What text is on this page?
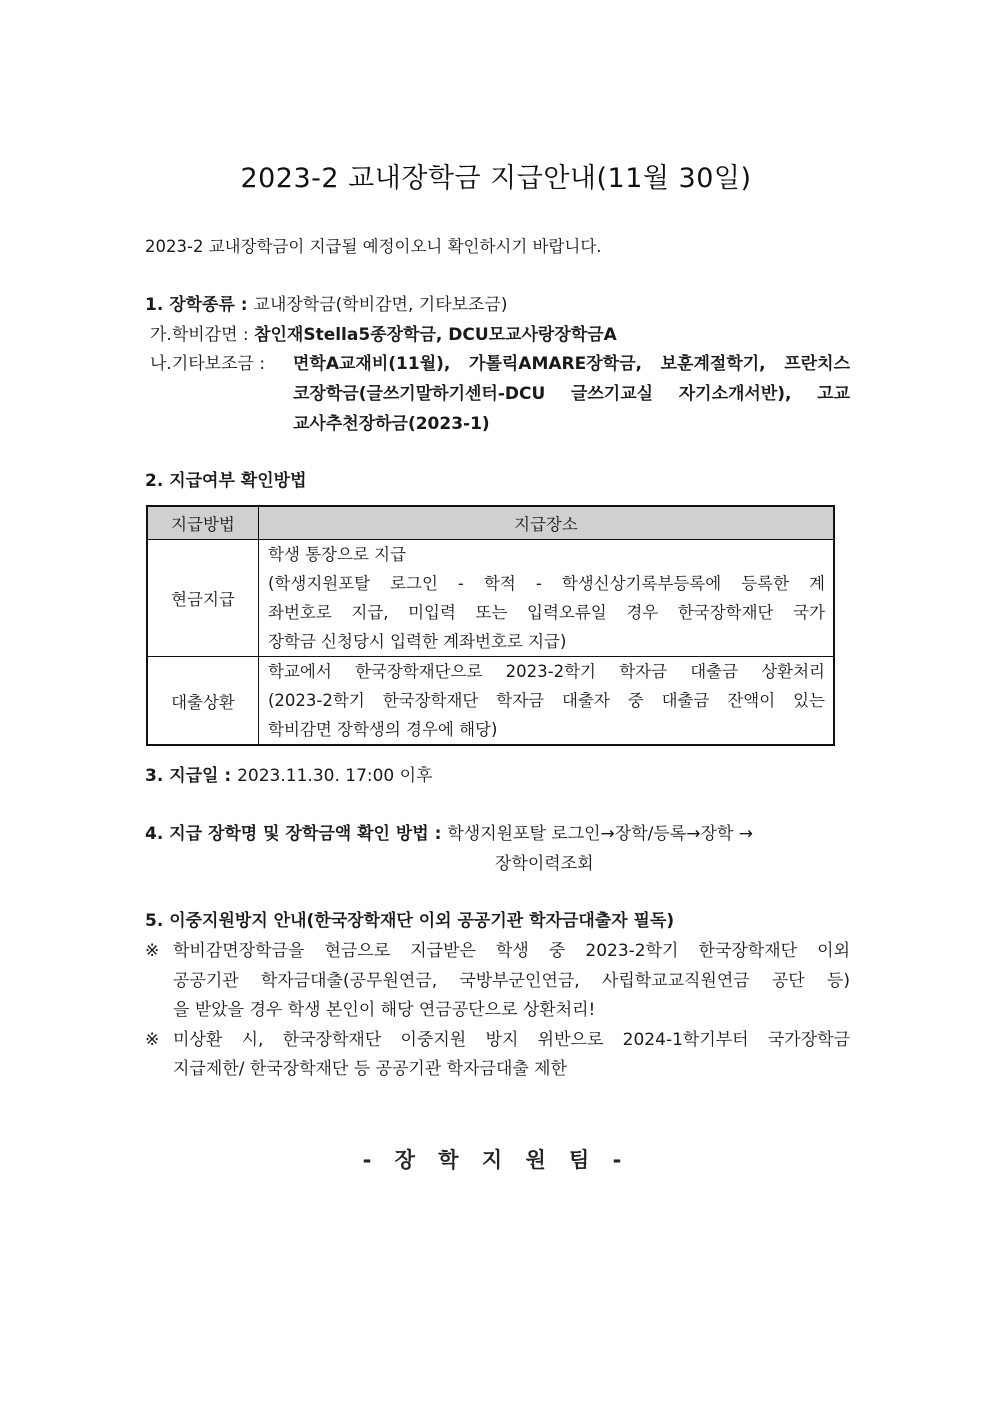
2023-2 교내장학금 지급안내(11월 30일)
2023-2 교내장학금이 지급될 예정이오니 확인하시기 바랍니다.
1. 장학종류 : 교내장학금(학비감면, 기타보조금)
가.학비감면 : 참인재Stella5종장학금, DCU모교사랑장학금A
나.기타보조금 : 면학A교재비(11월), 가톨릭AMARE장학금, 보훈계절학기, 프란치스
코장학금(글쓰기말하기센터-DCU 글쓰기교실 자기소개서반), 고교
교사추천장하금(2023-1)
2. 지급여부 확인방법
지급방법	지급장소
현금지급	학생 통장으로 지급
(학생지원포탈 로그인 - 학적 - 학생신상기록부등록에 등록한 계
좌번호로 지급, 미입력 또는 입력오류일 경우 한국장학재단 국가
장학금 신청당시 입력한 계좌번호로 지급)

대출상환	학교에서 한국장학재단으로 2023-2학기 학자금 대출금 상환처리
(2023-2학기 한국장학재단 학자금 대출자 중 대출금 잔액이 있는
학비감면 장학생의 경우에 해당)
3. 지급일 : 2023.11.30. 17:00 이후
4. 지급 장학명 및 장학금액 확인 방법 : 학생지원포탈 로그인→장학/등록→장학 →
장학이력조회
5. 이중지원방지 안내(한국장학재단 이외 공공기관 학자금대출자 필독)
※ 학비감면장학금을 현금으로 지급받은 학생 중 2023-2학기 한국장학재단 이외
공공기관 학자금대출(공무원연금, 국방부군인연금, 사립학교교직원연금 공단 등)
을 받았을 경우 학생 본인이 해당 연금공단으로 상환처리!
※ 미상환 시, 한국장학재단 이중지원 방지 위반으로 2024-1학기부터 국가장학금
지급제한/ 한국장학재단 등 공공기관 학자금대출 제한
- 장 학 지 원 팀 -
